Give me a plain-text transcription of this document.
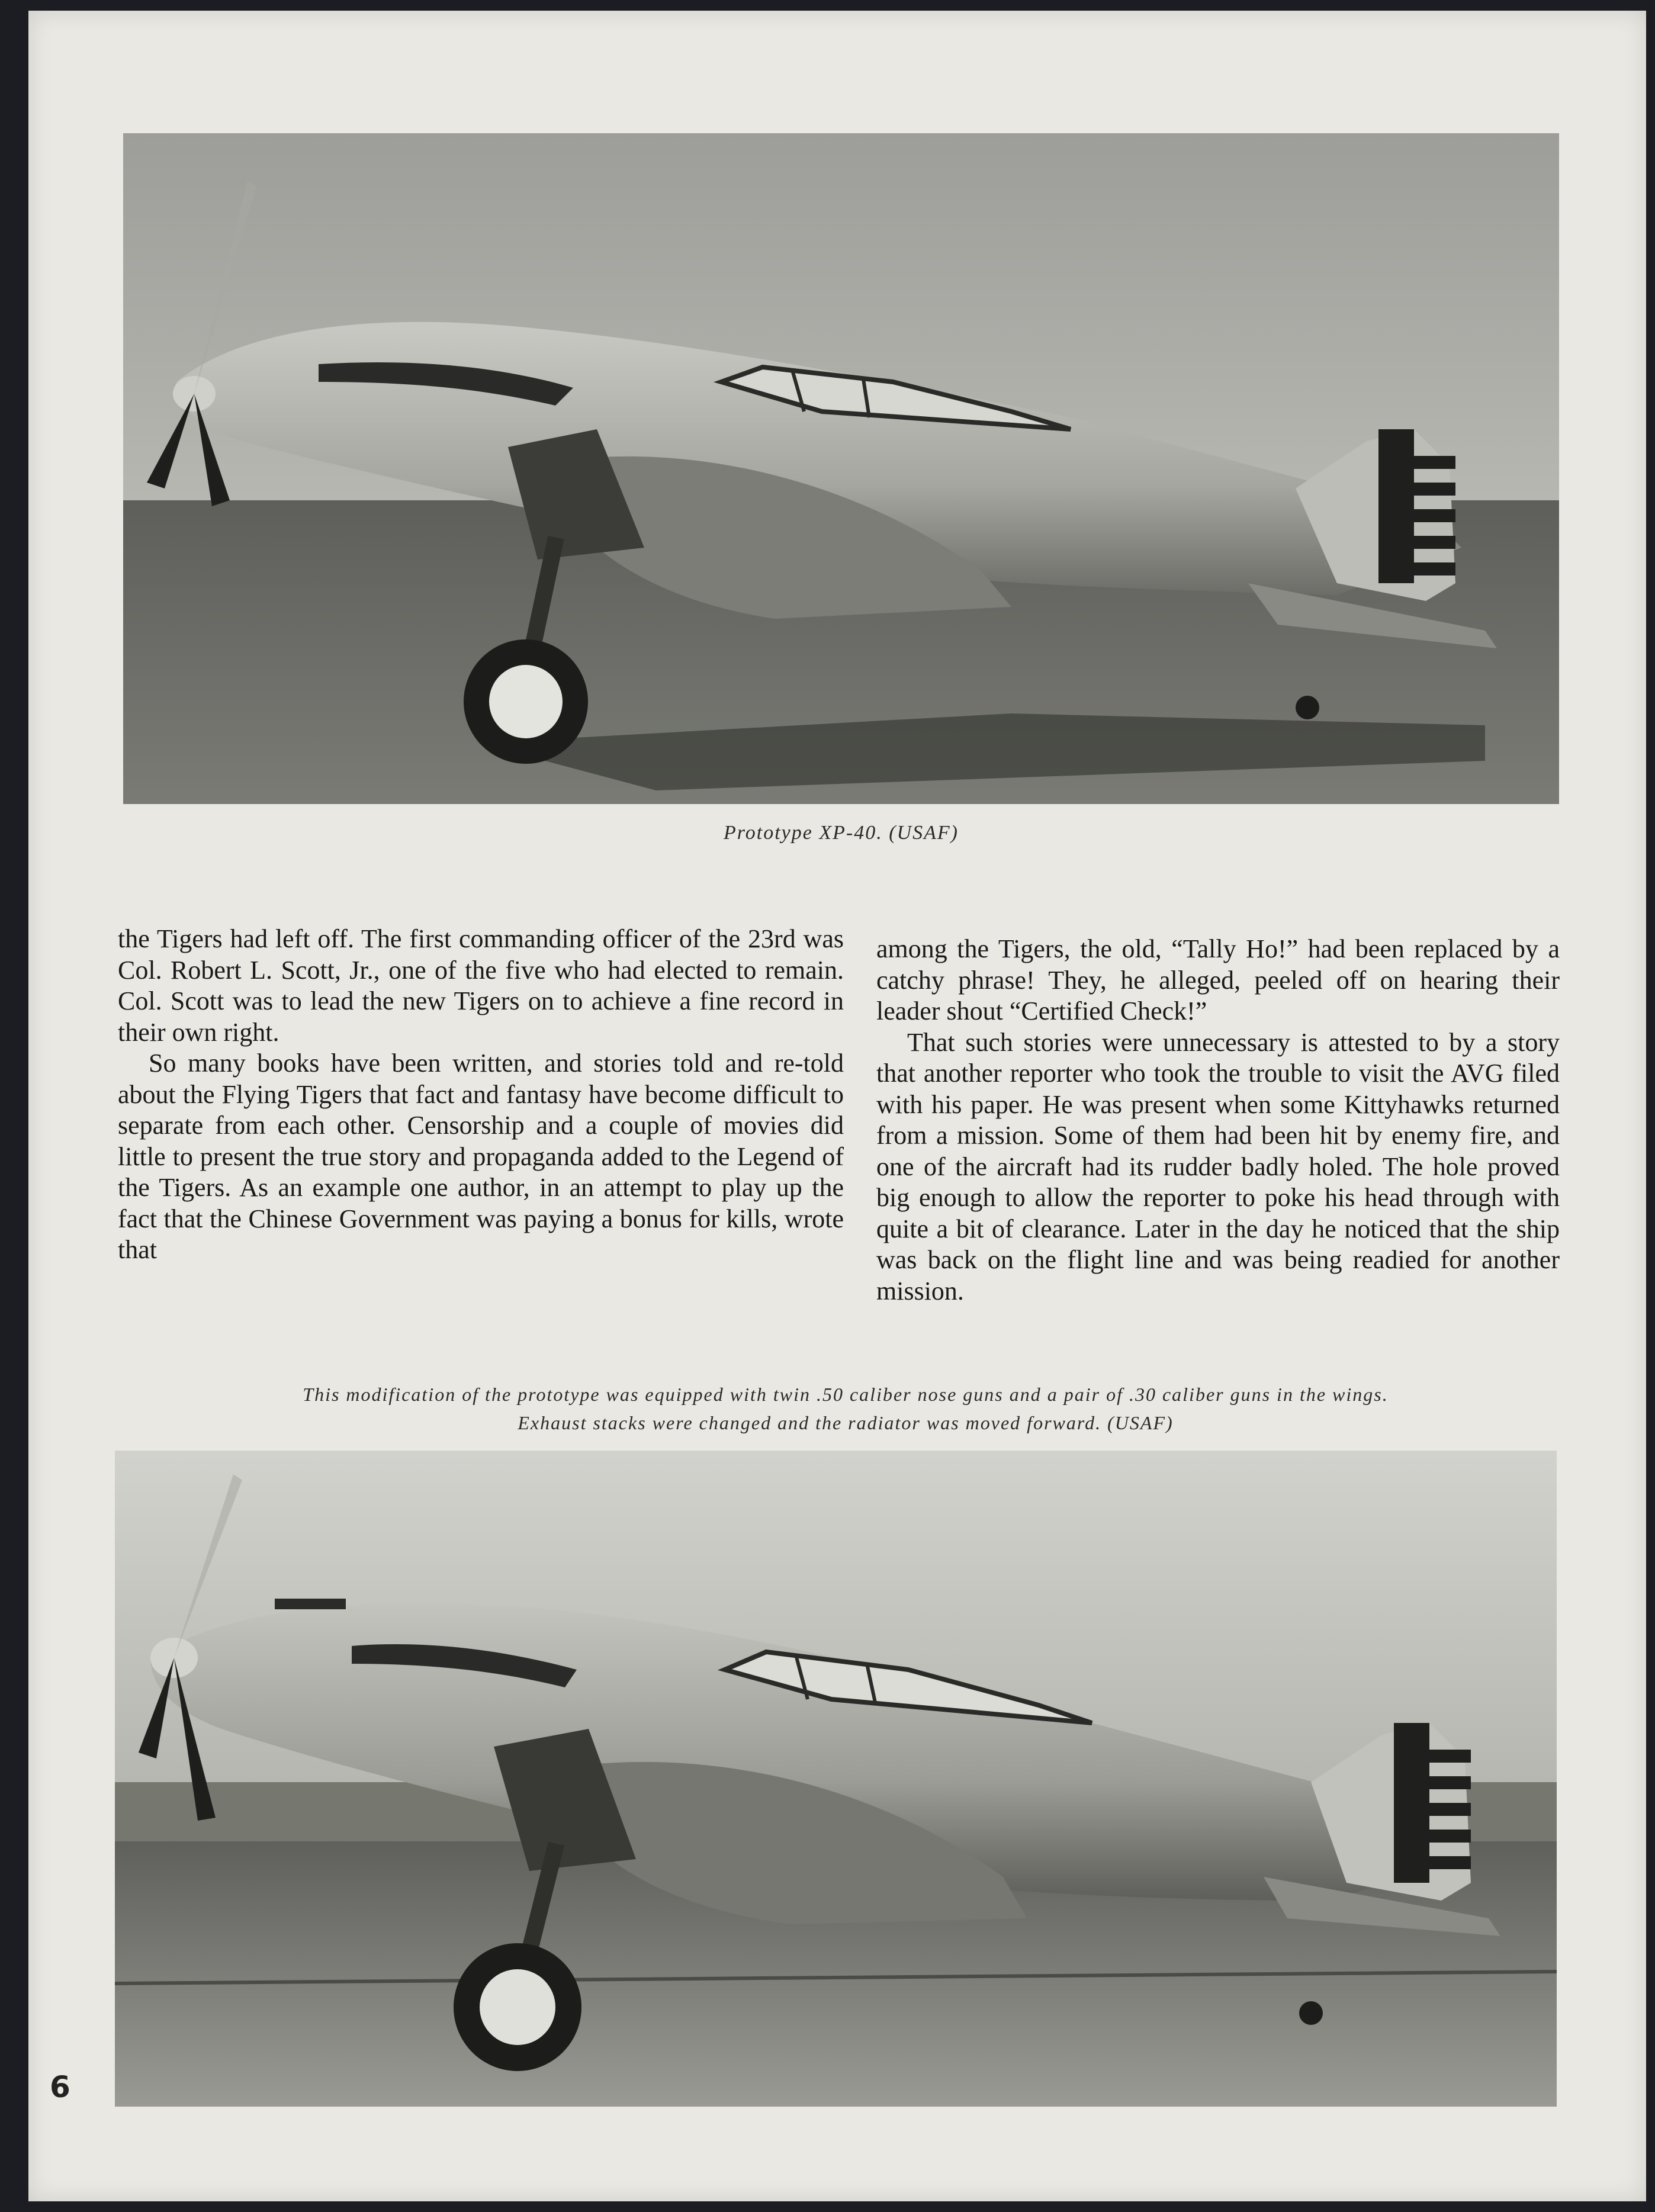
Prototype XP-40. (USAF)

the Tigers had left off. The first commanding officer of the 23rd was Col. Robert L. Scott, Jr., one of the five who had elected to remain. Col. Scott was to lead the new Tigers on to achieve a fine record in their own right.

So many books have been written, and stories told and re-told about the Flying Tigers that fact and fantasy have become difficult to separate from each other. Censorship and a couple of movies did little to present the true story and propaganda added to the Legend of the Tigers. As an example one author, in an attempt to play up the fact that the Chinese Government was paying a bonus for kills, wrote that

among the Tigers, the old, “Tally Ho!” had been replaced by a catchy phrase! They, he alleged, peeled off on hearing their leader shout “Certified Check!”

That such stories were unnecessary is attested to by a story that another reporter who took the trouble to visit the AVG filed with his paper. He was present when some Kittyhawks returned from a mission. Some of them had been hit by enemy fire, and one of the aircraft had its rudder badly holed. The hole proved big enough to allow the reporter to poke his head through with quite a bit of clearance. Later in the day he noticed that the ship was back on the flight line and was being readied for another mission.

This modification of the prototype was equipped with twin .50 caliber nose guns and a pair of .30 caliber guns in the wings.
Exhaust stacks were changed and the radiator was moved forward. (USAF)
6
